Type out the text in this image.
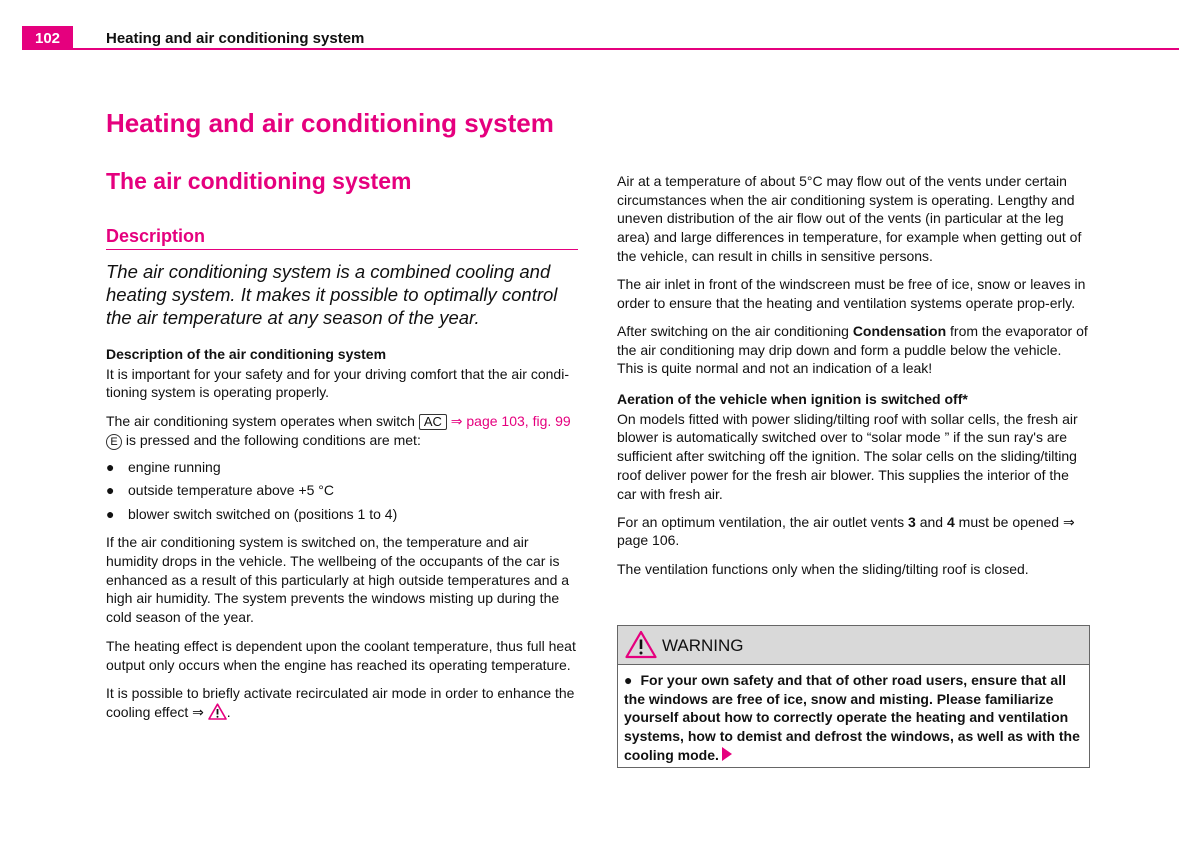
102	Heating and air conditioning system
Heating and air conditioning system
The air conditioning system
Description

The air conditioning system is a combined cooling and heating system. It makes it possible to optimally control the air temperature at any season of the year.

Description of the air conditioning system

It is important for your safety and for your driving comfort that the air condi-tioning system is operating properly.

The air conditioning system operates when switch AC ⇒ page 103, fig. 99 E is pressed and the following conditions are met:

● engine running
● outside temperature above +5 °C
● blower switch switched on (positions 1 to 4)

If the air conditioning system is switched on, the temperature and air humidity drops in the vehicle. The wellbeing of the occupants of the car is enhanced as a result of this particularly at high outside temperatures and a high air humidity. The system prevents the windows misting up during the cold season of the year.

The heating effect is dependent upon the coolant temperature, thus full heat output only occurs when the engine has reached its operating temperature.

It is possible to briefly activate recirculated air mode in order to enhance the cooling effect ⇒ .

Air at a temperature of about 5°C may flow out of the vents under certain circumstances when the air conditioning system is operating. Lengthy and uneven distribution of the air flow out of the vents (in particular at the leg area) and large differences in temperature, for example when getting out of the vehicle, can result in chills in sensitive persons.

The air inlet in front of the windscreen must be free of ice, snow or leaves in order to ensure that the heating and ventilation systems operate prop-erly.

After switching on the air conditioning Condensation from the evaporator of the air conditioning may drip down and form a puddle below the vehicle. This is quite normal and not an indication of a leak!

Aeration of the vehicle when ignition is switched off*

On models fitted with power sliding/tilting roof with sollar cells, the fresh air blower is automatically switched over to “solar mode ” if the sun ray's are sufficient after switching off the ignition. The solar cells on the sliding/tilting roof deliver power for the fresh air blower. This supplies the interior of the car with fresh air.

For an optimum ventilation, the air outlet vents 3 and 4 must be opened ⇒ page 106.

The ventilation functions only when the sliding/tilting roof is closed.

WARNING
● For your own safety and that of other road users, ensure that all the windows are free of ice, snow and misting. Please familiarize yourself about how to correctly operate the heating and ventilation systems, how to demist and defrost the windows, as well as with the cooling mode.
